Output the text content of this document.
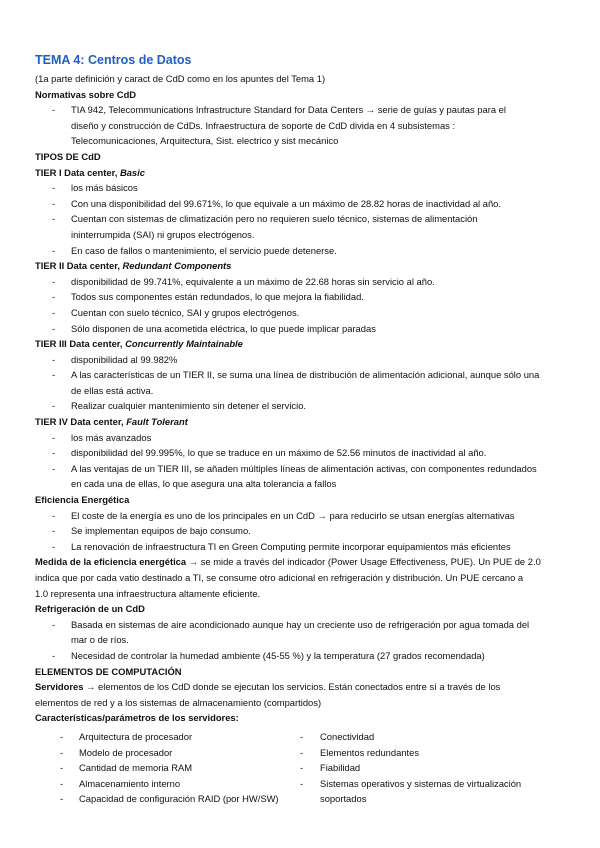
TEMA 4: Centros de Datos
(1a parte definición y caract de CdD como en los apuntes del Tema 1)
Normativas sobre CdD
- TIA 942, Telecommunications Infrastructure Standard for Data Centers → serie de guías y pautas para el
diseño y construcción de CdDs. Infraestructura de soporte de CdD divida en 4 subsistemas :
Telecomunicaciones, Arquitectura, Sist. electrico y sist mecánico
TIPOS DE CdD
TIER I Data center, Basic
- los más básicos
- Con una disponibilidad del 99.671%, lo que equivale a un máximo de 28.82 horas de inactividad al año.
- Cuentan con sistemas de climatización pero no requieren suelo técnico, sistemas de alimentación
ininterrumpida (SAI) ni grupos electrógenos.
- En caso de fallos o mantenimiento, el servicio puede detenerse.
TIER II Data center, Redundant Components
- disponibilidad de 99.741%, equivalente a un máximo de 22.68 horas sin servicio al año.
- Todos sus componentes están redundados, lo que mejora la fiabilidad.
- Cuentan con suelo técnico, SAI y grupos electrógenos.
- Sólo disponen de una acometida eléctrica, lo que puede implicar paradas
TIER III Data center, Concurrently Maintainable
- disponibilidad al 99.982%
- A las características de un TIER II, se suma una línea de distribución de alimentación adicional, aunque sólo una
de ellas está activa.
- Realizar cualquier mantenimiento sin detener el servicio.
TIER IV Data center, Fault Tolerant
- los más avanzados
- disponibilidad del 99.995%, lo que se traduce en un máximo de 52.56 minutos de inactividad al año.
- A las ventajas de un TIER III, se añaden múltiples líneas de alimentación activas, con componentes redundados
en cada una de ellas, lo que asegura una alta tolerancia a fallos
Eficiencia Energética
- El coste de la energía es uno de los principales en un CdD → para reducirlo se utsan energías alternativas
- Se implementan equipos de bajo consumo.
- La renovación de infraestructura TI en Green Computing permite incorporar equipamientos más eficientes
Medida de la eficiencia energética → se mide a través del indicador (Power Usage Effectiveness, PUE). Un PUE de 2.0
indica que por cada vatio destinado a TI, se consume otro adicional en refrigeración y distribución. Un PUE cercano a
1.0 representa una infraestructura altamente eficiente.
Refrigeración de un CdD
- Basada en sistemas de aire acondicionado aunque hay un creciente uso de refrigeración por agua tomada del
mar o de ríos.
- Necesidad de controlar la humedad ambiente (45-55 %) y la temperatura (27 grados recomendada)
ELEMENTOS DE COMPUTACIÓN
Servidores → elementos de los CdD donde se ejecutan los servicios. Están conectados entre sí a través de los
elementos de red y a los sistemas de almacenamiento (compartidos)
Características/parámetros de los servidores:
- Arquitectura de procesador
- Modelo de procesador
- Cantidad de memoria RAM
- Almacenamiento interno
- Capacidad de configuración RAID (por HW/SW)
- Conectividad
- Elementos redundantes
- Fiabilidad
- Sistemas operativos y sistemas de virtualización
soportados
